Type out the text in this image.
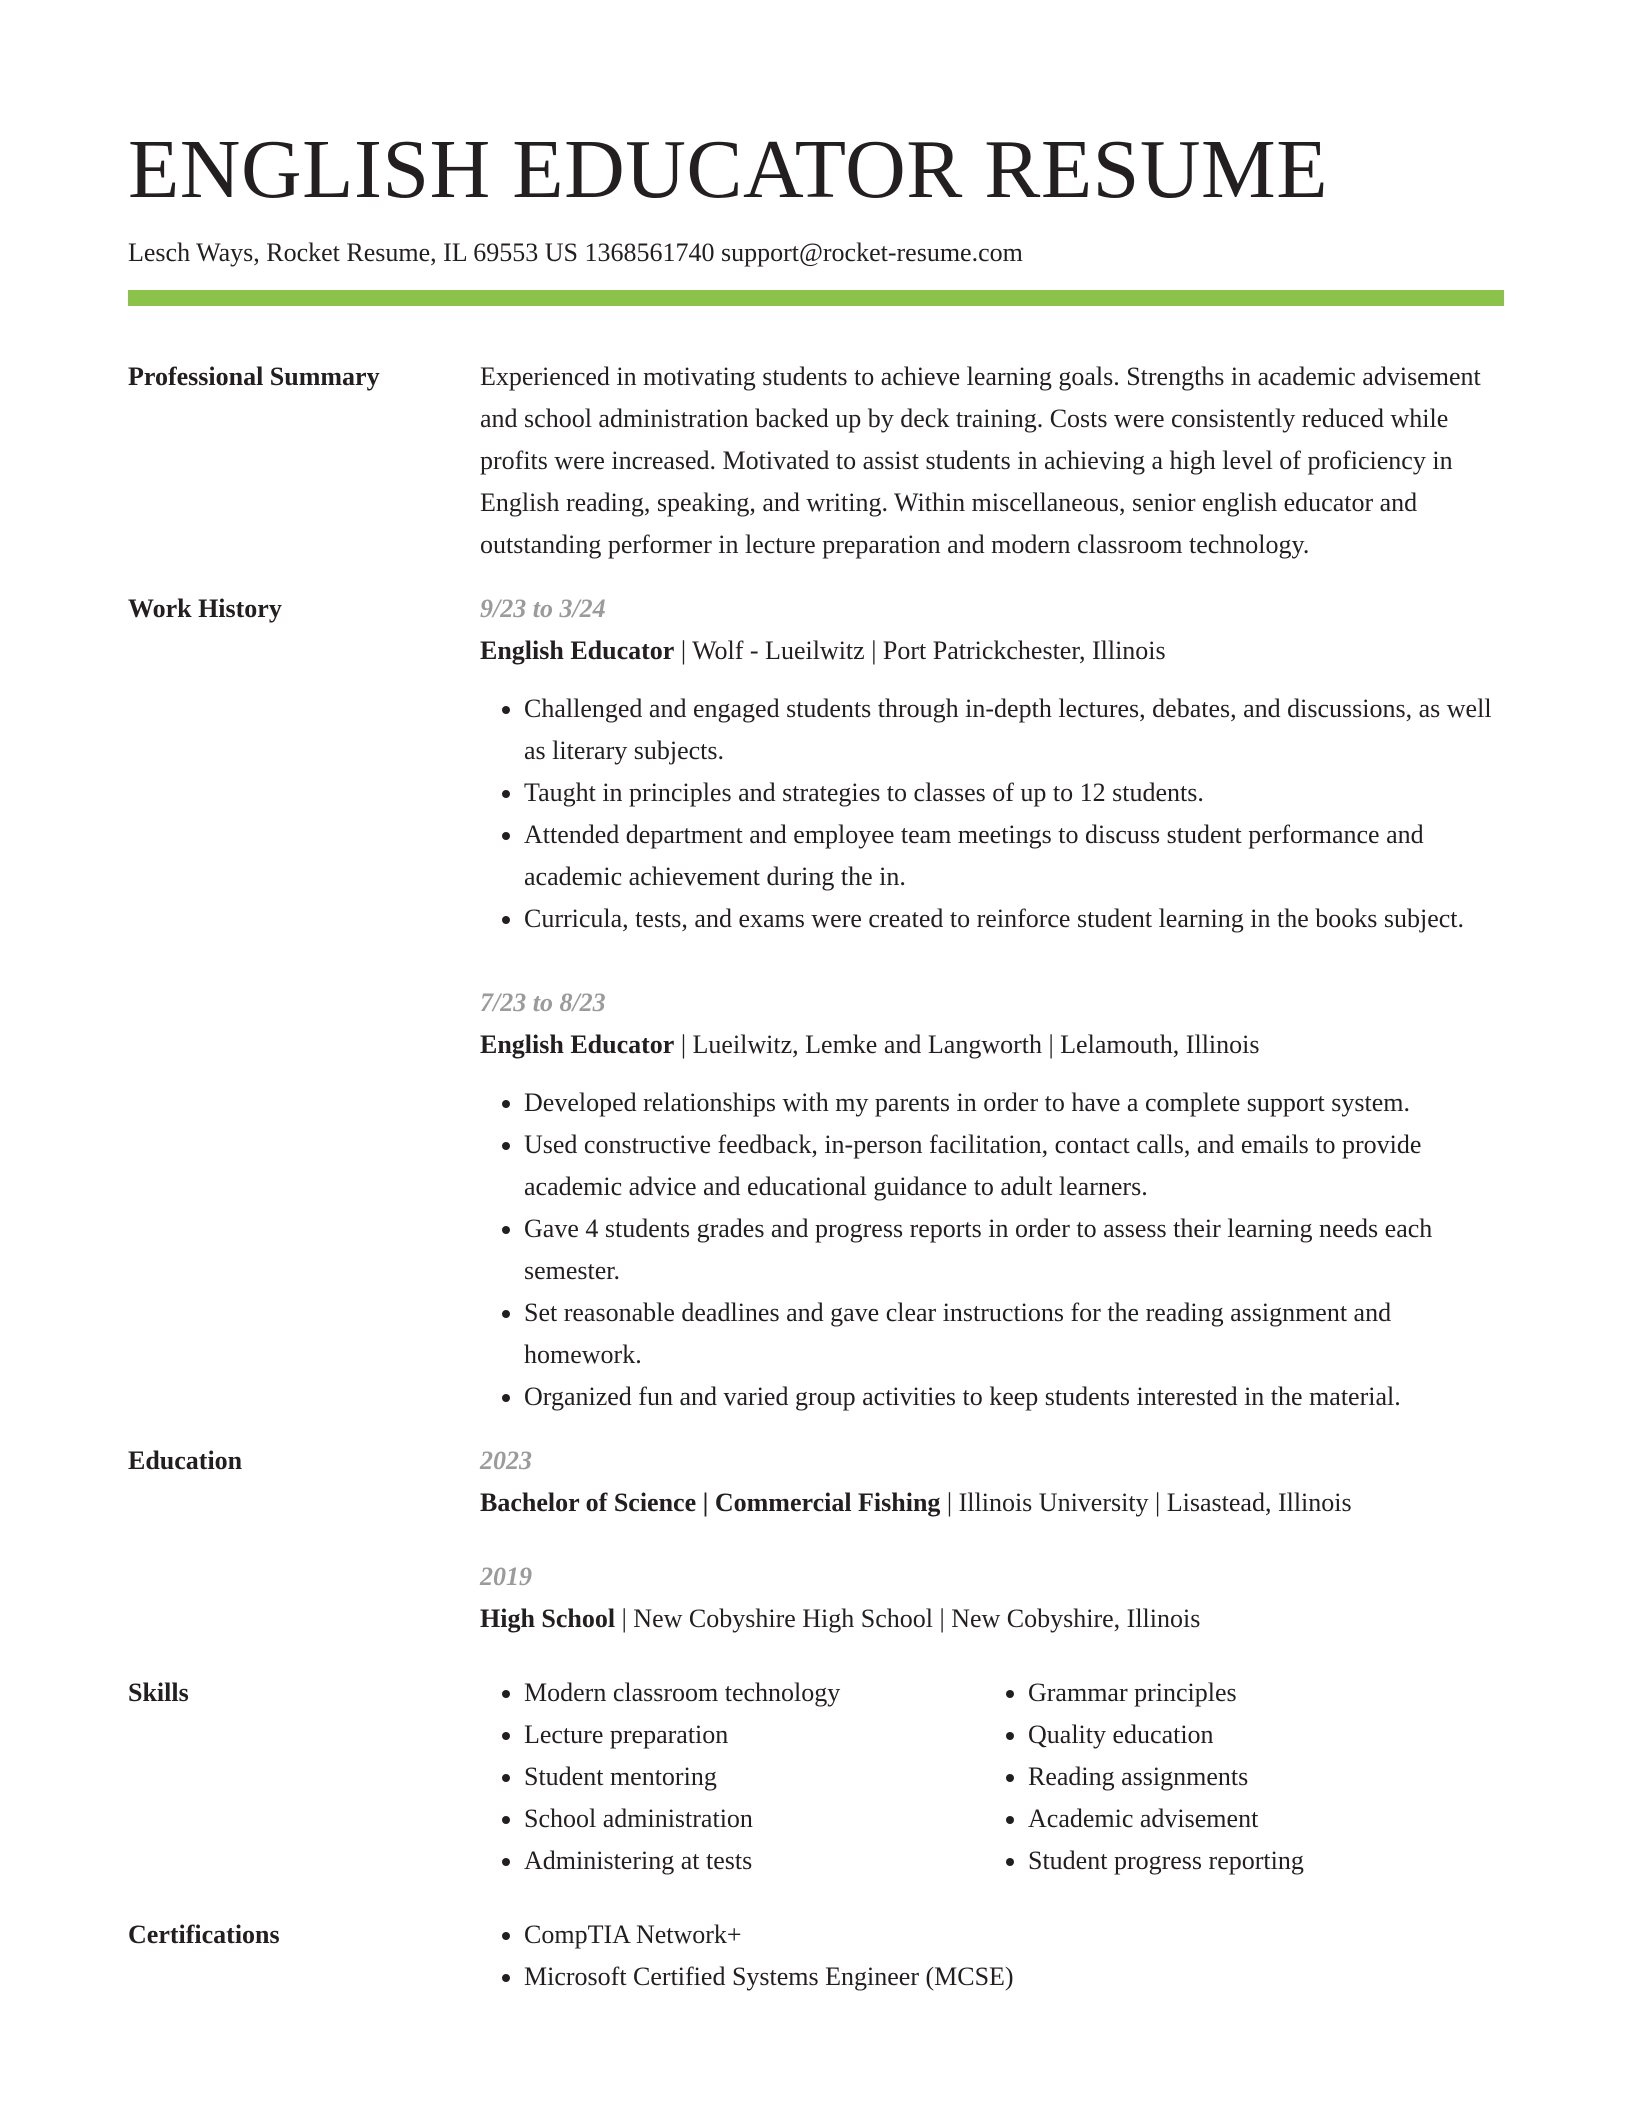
ENGLISH EDUCATOR RESUME
Lesch Ways, Rocket Resume, IL 69553 US 1368561740 support@rocket-resume.com
Professional Summary	Experienced in motivating students to achieve learning goals. Strengths in academic advisement and school administration backed up by deck training. Costs were consistently reduced while profits were increased. Motivated to assist students in achieving a high level of proficiency in English reading, speaking, and writing. Within miscellaneous, senior english educator and outstanding performer in lecture preparation and modern classroom technology.
Work History	9/23 to 3/24
English Educator | Wolf - Lueilwitz | Port Patrickchester, Illinois
• Challenged and engaged students through in-depth lectures, debates, and discussions, as well as literary subjects.
• Taught in principles and strategies to classes of up to 12 students.
• Attended department and employee team meetings to discuss student performance and academic achievement during the in.
• Curricula, tests, and exams were created to reinforce student learning in the books subject.
7/23 to 8/23
English Educator | Lueilwitz, Lemke and Langworth | Lelamouth, Illinois
• Developed relationships with my parents in order to have a complete support system.
• Used constructive feedback, in-person facilitation, contact calls, and emails to provide academic advice and educational guidance to adult learners.
• Gave 4 students grades and progress reports in order to assess their learning needs each semester.
• Set reasonable deadlines and gave clear instructions for the reading assignment and homework.
• Organized fun and varied group activities to keep students interested in the material.
Education	2023
Bachelor of Science | Commercial Fishing | Illinois University | Lisastead, Illinois
2019
High School | New Cobyshire High School | New Cobyshire, Illinois
Skills	• Modern classroom technology
• Lecture preparation
• Student mentoring
• School administration
• Administering at tests
• Grammar principles
• Quality education
• Reading assignments
• Academic advisement
• Student progress reporting
Certifications	• CompTIA Network+
• Microsoft Certified Systems Engineer (MCSE)
